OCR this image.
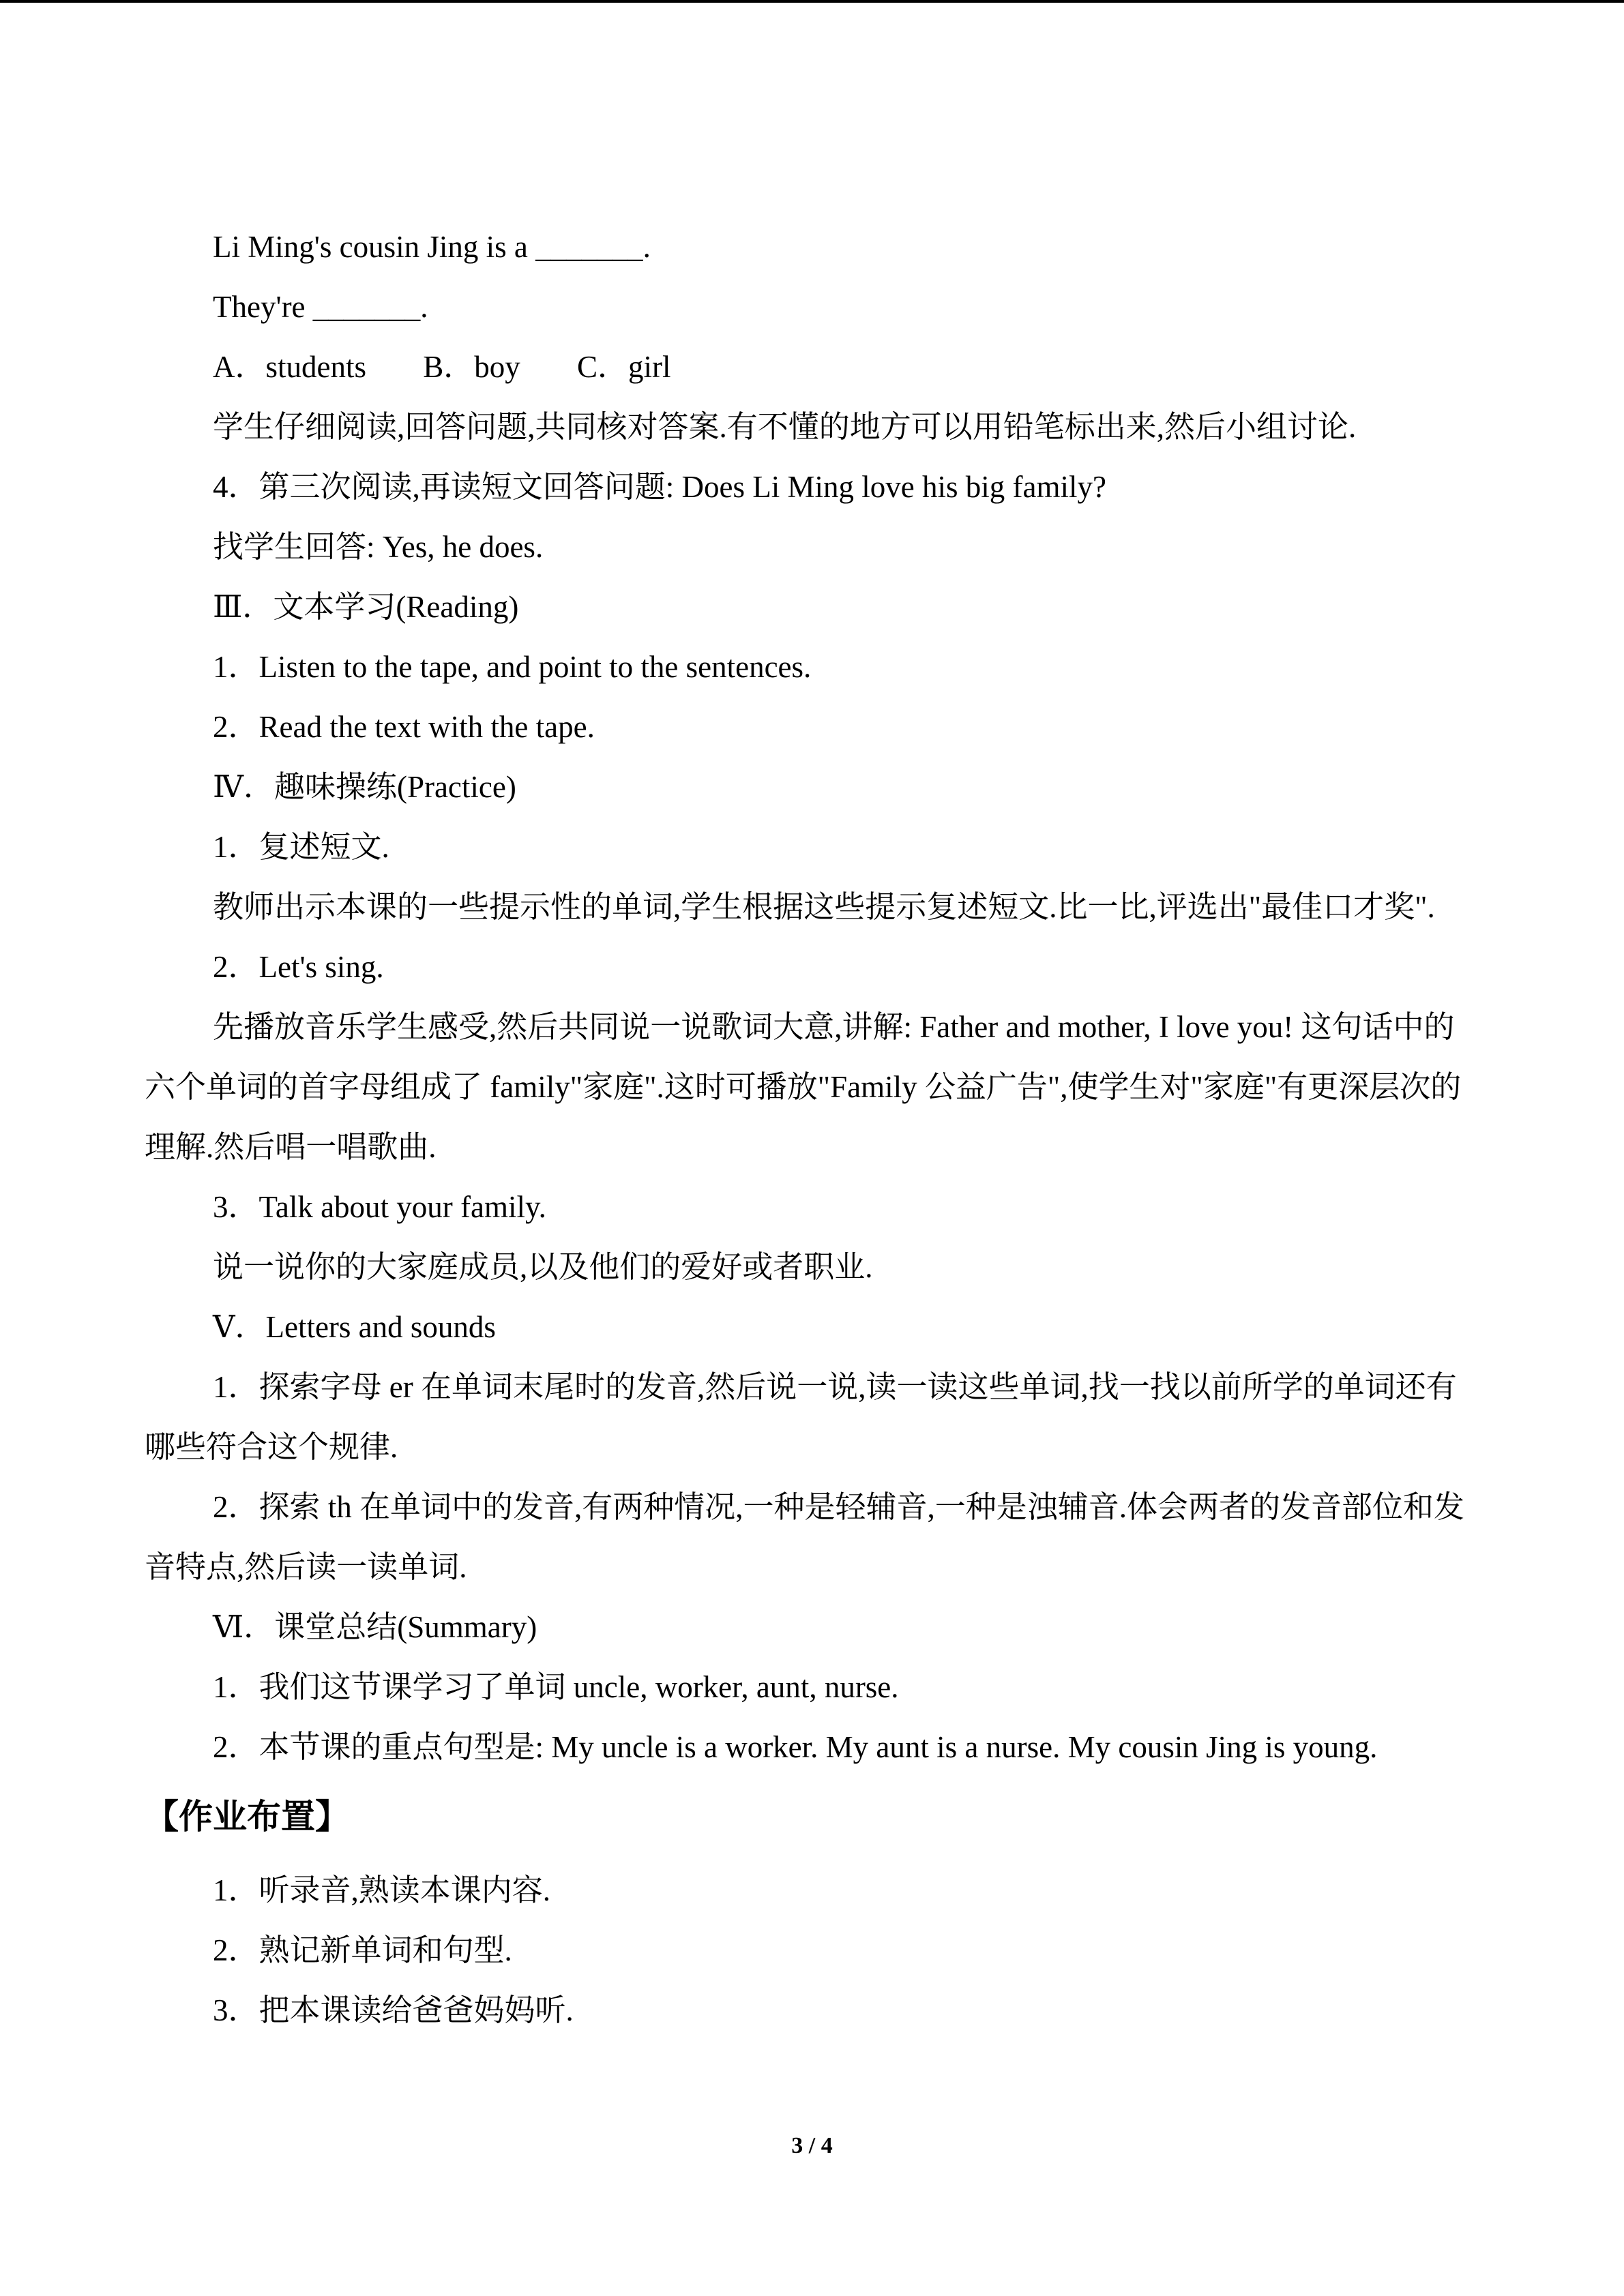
Li Ming's cousin Jing is a _______.
They're _______.
A．students B．boy C．girl
学生仔细阅读,回答问题,共同核对答案.有不懂的地方可以用铅笔标出来,然后小组讨论.
4．第三次阅读,再读短文回答问题: Does Li Ming love his big family?
找学生回答: Yes, he does.
Ⅲ．文本学习(Reading)
1．Listen to the tape, and point to the sentences.
2．Read the text with the tape.
Ⅳ．趣味操练(Practice)
1．复述短文.
教师出示本课的一些提示性的单词,学生根据这些提示复述短文.比一比,评选出"最佳口才奖".
2．Let's sing.
先播放音乐学生感受,然后共同说一说歌词大意,讲解: Father and mother, I love you! 这句话中的六个单词的首字母组成了 family"家庭".这时可播放"Family 公益广告",使学生对"家庭"有更深层次的理解.然后唱一唱歌曲.
3．Talk about your family.
说一说你的大家庭成员,以及他们的爱好或者职业.
Ⅴ．Letters and sounds
1．探索字母 er 在单词末尾时的发音,然后说一说,读一读这些单词,找一找以前所学的单词还有哪些符合这个规律.
2．探索 th 在单词中的发音,有两种情况,一种是轻辅音,一种是浊辅音.体会两者的发音部位和发音特点,然后读一读单词.
Ⅵ．课堂总结(Summary)
1．我们这节课学习了单词 uncle, worker, aunt, nurse.
2．本节课的重点句型是: My uncle is a worker. My aunt is a nurse. My cousin Jing is young.
【作业布置】
1．听录音,熟读本课内容.
2．熟记新单词和句型.
3．把本课读给爸爸妈妈听.
3 / 4
